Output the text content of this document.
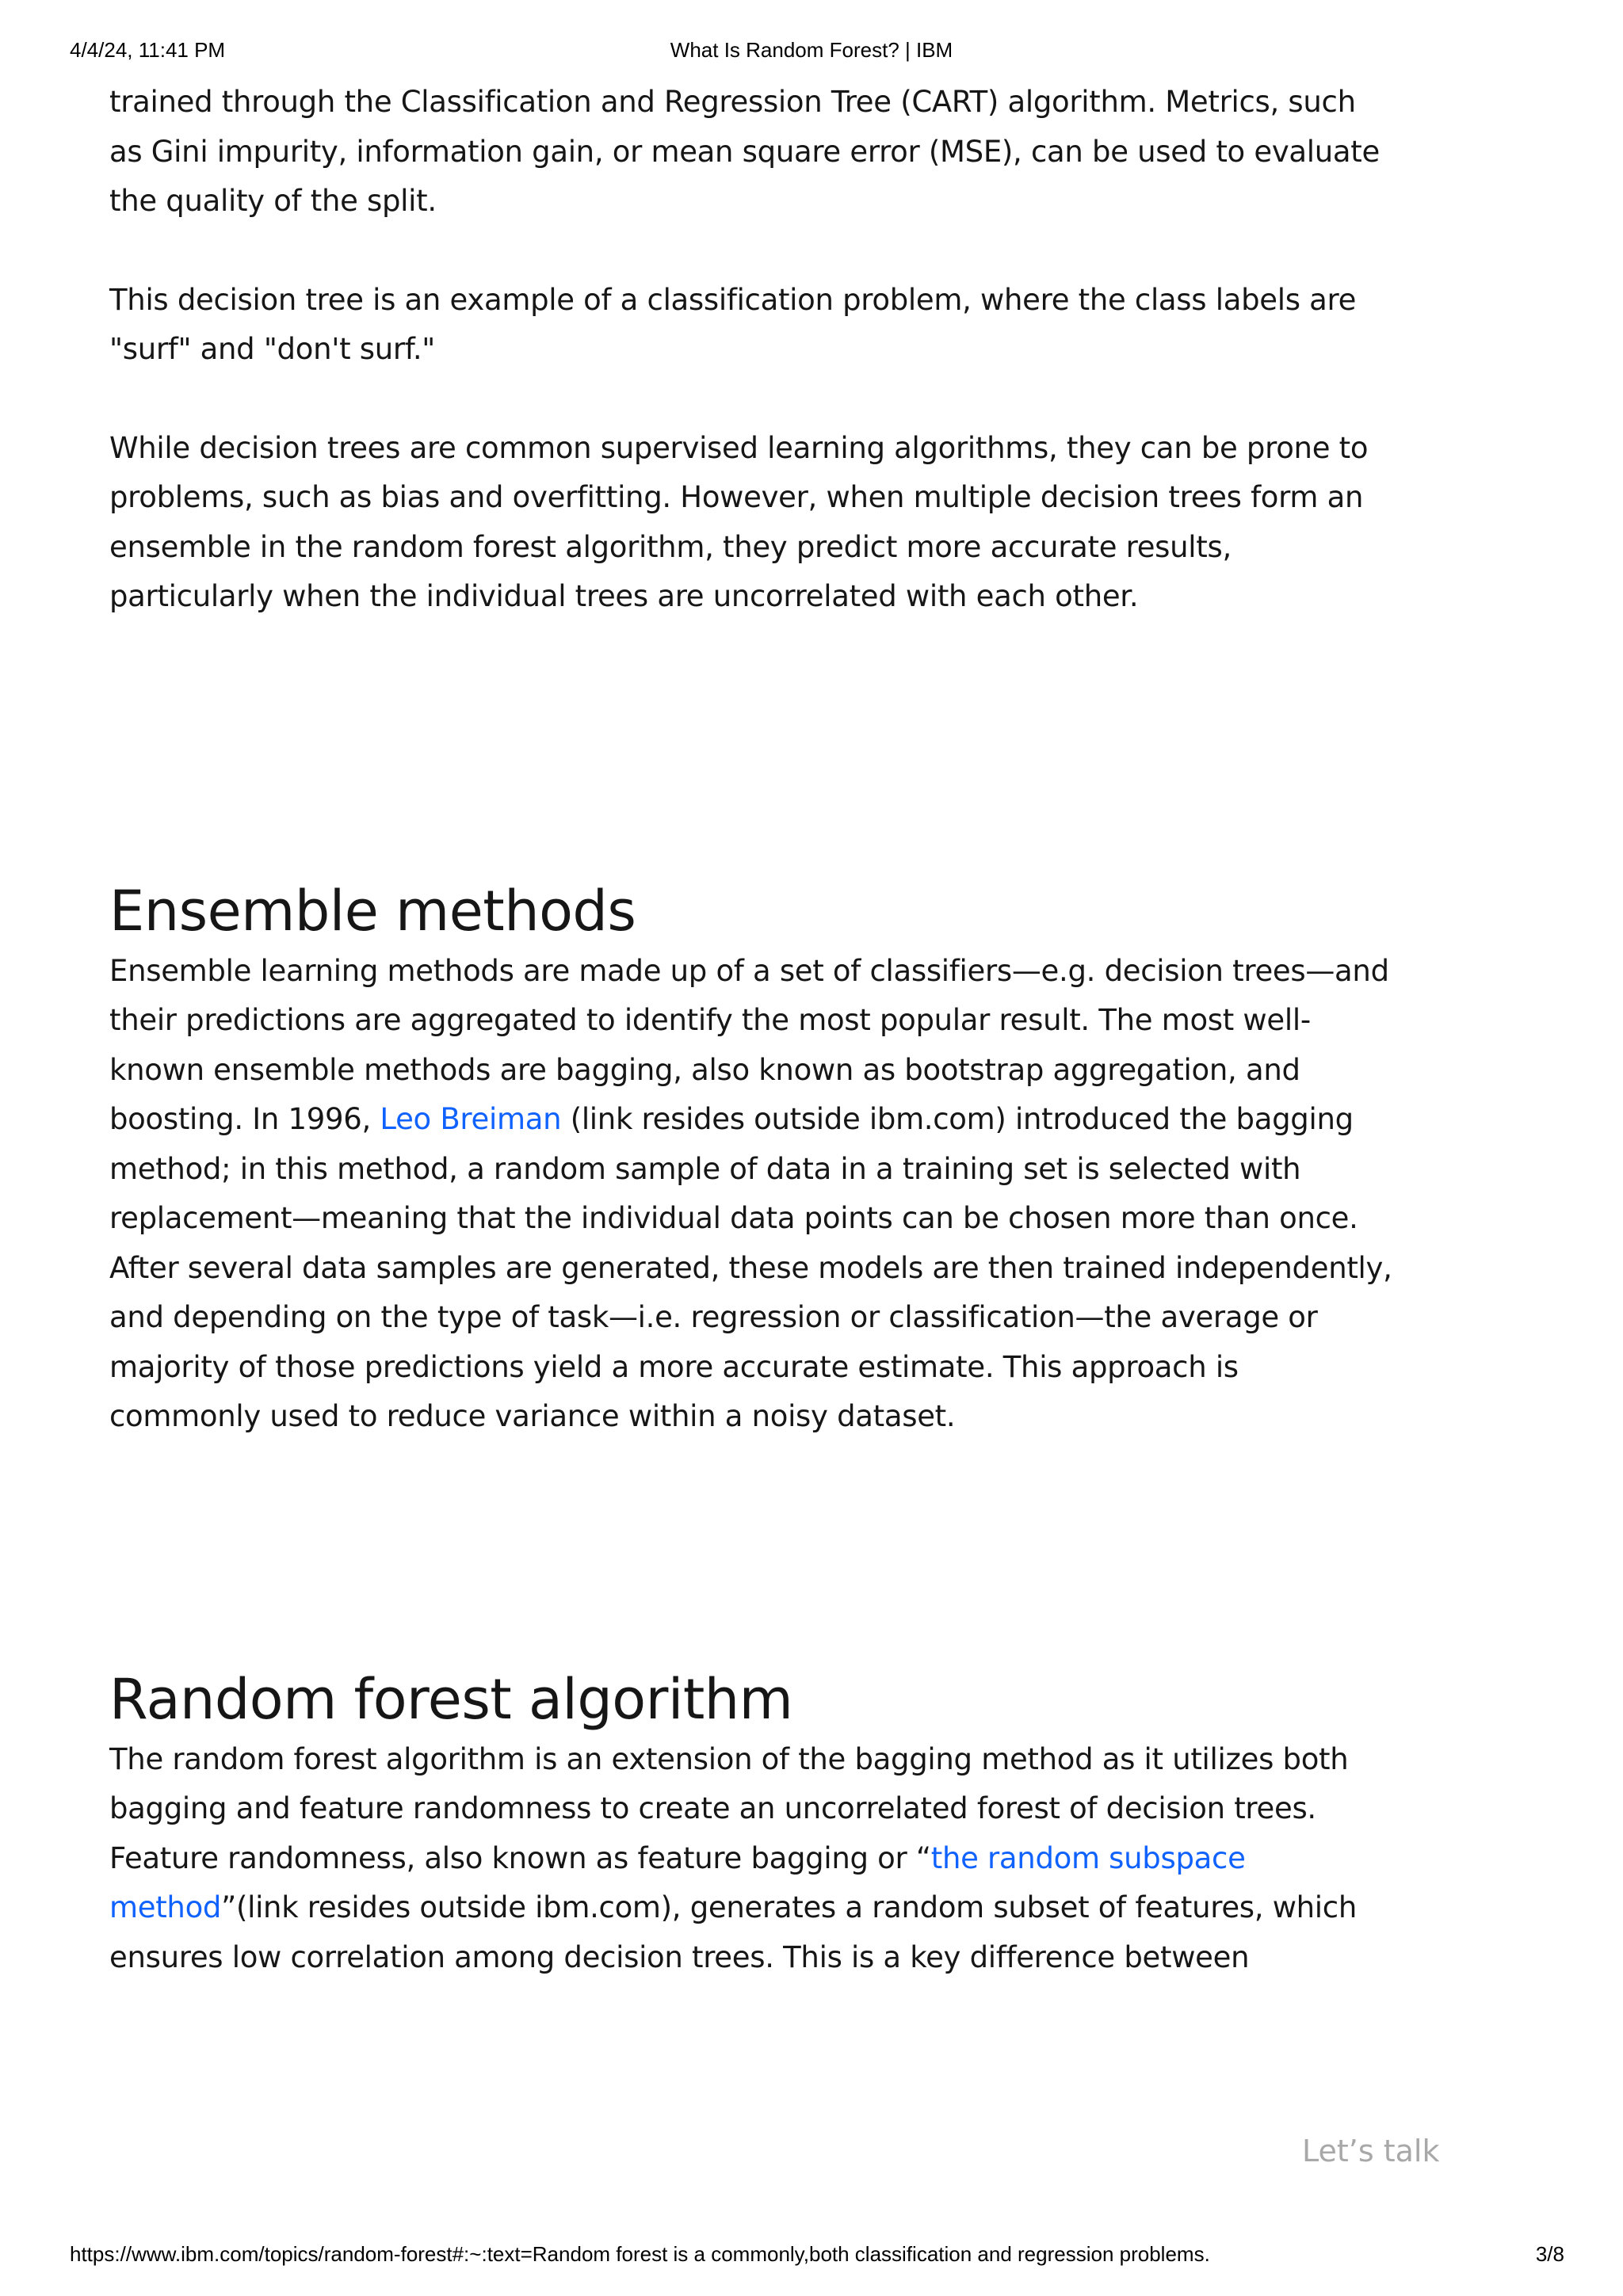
4/4/24, 11:41 PM	What Is Random Forest? | IBM

trained through the Classification and Regression Tree (CART) algorithm. Metrics, such as Gini impurity, information gain, or mean square error (MSE), can be used to evaluate the quality of the split.

This decision tree is an example of a classification problem, where the class labels are "surf" and "don't surf."

While decision trees are common supervised learning algorithms, they can be prone to problems, such as bias and overfitting. However, when multiple decision trees form an ensemble in the random forest algorithm, they predict more accurate results, particularly when the individual trees are uncorrelated with each other.

Ensemble methods

Ensemble learning methods are made up of a set of classifiers—e.g. decision trees—and their predictions are aggregated to identify the most popular result. The most well-known ensemble methods are bagging, also known as bootstrap aggregation, and boosting. In 1996, Leo Breiman (link resides outside ibm.com) introduced the bagging method; in this method, a random sample of data in a training set is selected with replacement—meaning that the individual data points can be chosen more than once. After several data samples are generated, these models are then trained independently, and depending on the type of task—i.e. regression or classification—the average or majority of those predictions yield a more accurate estimate. This approach is commonly used to reduce variance within a noisy dataset.

Random forest algorithm

The random forest algorithm is an extension of the bagging method as it utilizes both bagging and feature randomness to create an uncorrelated forest of decision trees. Feature randomness, also known as feature bagging or “the random subspace method”(link resides outside ibm.com), generates a random subset of features, which ensures low correlation among decision trees. This is a key difference between

Let’s talk
https://www.ibm.com/topics/random-forest#:~:text=Random forest is a commonly,both classification and regression problems.	3/8
